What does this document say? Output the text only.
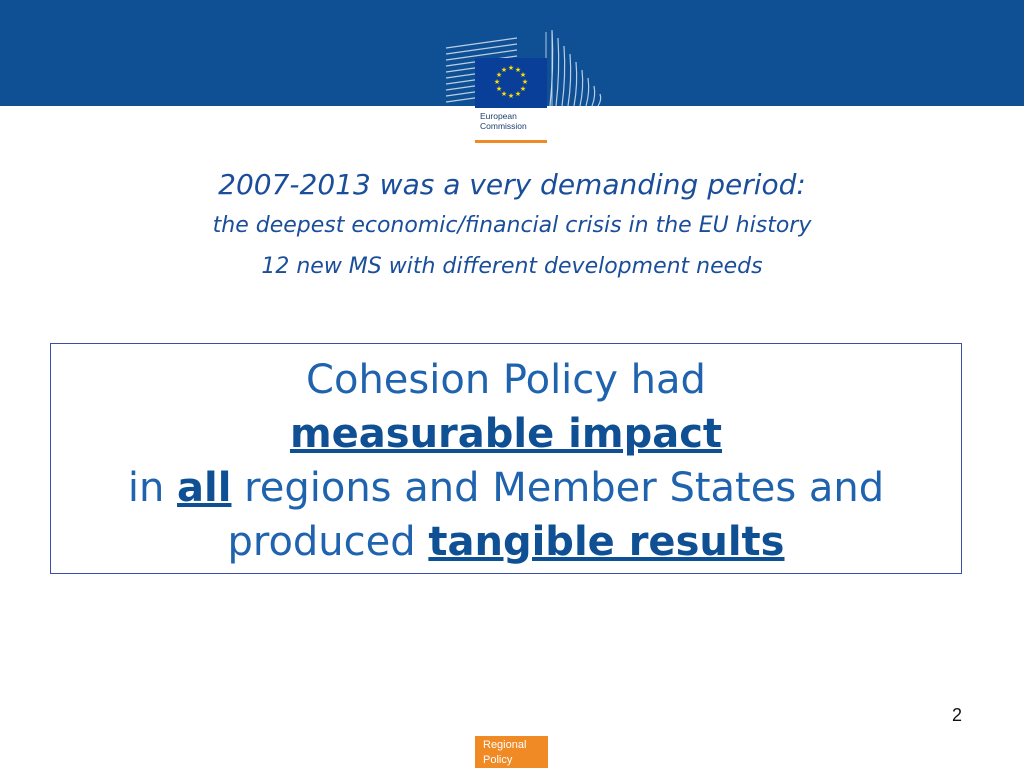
★ ★
★
★
★
★
★
★
★
★
★
★
European
Commission
2007-2013 was a very demanding period:
the deepest economic/financial crisis in the EU history
12 new MS with different development needs
Cohesion Policy had
measurable impact
in all regions and Member States and
produced tangible results
2
Regional
Policy
